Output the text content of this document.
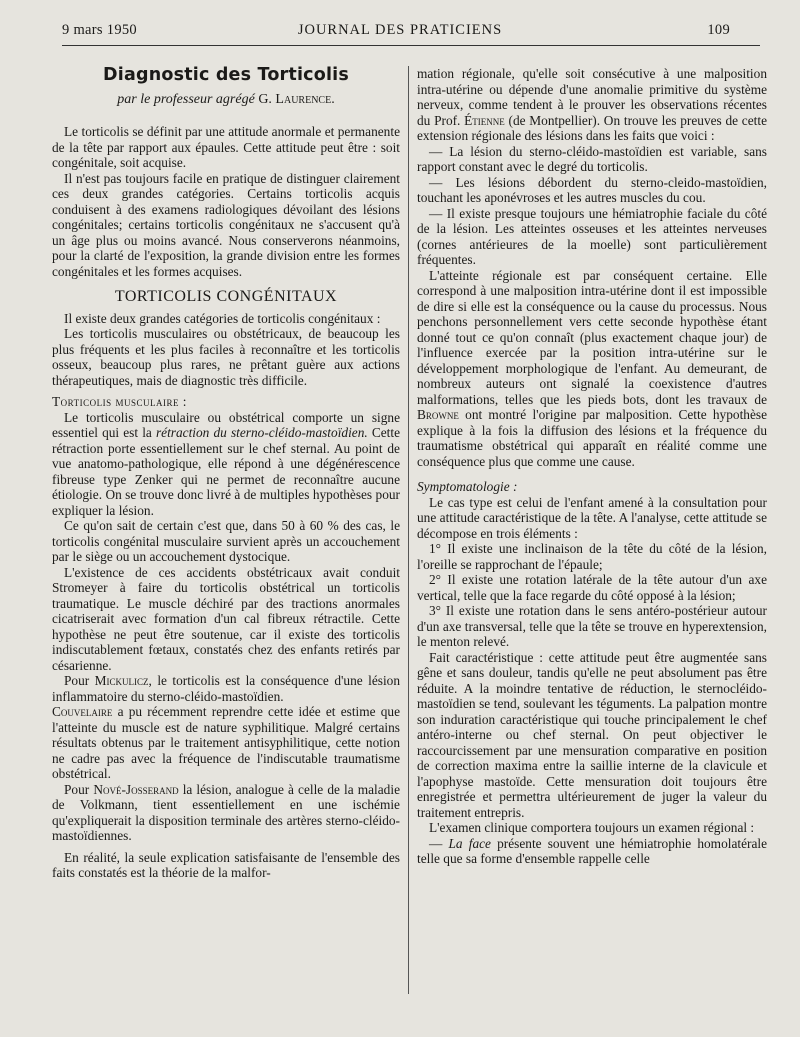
9 mars 1950	JOURNAL DES PRATICIENS	109
Diagnostic des Torticolis

par le professeur agrégé G. Laurence.

Le torticolis se définit par une attitude anormale et permanente de la tête par rapport aux épaules. Cette attitude peut être : soit congénitale, soit acquise.

Il n'est pas toujours facile en pratique de distinguer clairement ces deux grandes catégories. Certains torticolis acquis conduisent à des examens radiologiques dévoilant des lésions congénitales; certains torticolis congénitaux ne s'accusent qu'à un âge plus ou moins avancé. Nous conserverons néanmoins, pour la clarté de l'exposition, la grande division entre les formes congénitales et les formes acquises.

TORTICOLIS CONGÉNITAUX

Il existe deux grandes catégories de torticolis congénitaux :

Les torticolis musculaires ou obstétricaux, de beaucoup les plus fréquents et les plus faciles à reconnaître et les torticolis osseux, beaucoup plus rares, ne prêtant guère aux actions thérapeutiques, mais de diagnostic très difficile.

Torticolis musculaire :

Le torticolis musculaire ou obstétrical comporte un signe essentiel qui est la rétraction du sterno-cléido-mastoïdien. Cette rétraction porte essentiellement sur le chef sternal. Au point de vue anatomo-pathologique, elle répond à une dégénérescence fibreuse type Zenker qui ne permet de reconnaître aucune étiologie. On se trouve donc livré à de multiples hypothèses pour expliquer la lésion.

Ce qu'on sait de certain c'est que, dans 50 à 60 % des cas, le torticolis congénital musculaire survient après un accouchement par le siège ou un accouchement dystocique.

L'existence de ces accidents obstétricaux avait conduit Stromeyer à faire du torticolis obstétrical un torticolis traumatique. Le muscle déchiré par des tractions anormales cicatriserait avec formation d'un cal fibreux rétractile. Cette hypothèse ne peut être soutenue, car il existe des torticolis indiscutablement fœtaux, constatés chez des enfants retirés par césarienne.

Pour Mickulicz, le torticolis est la conséquence d'une lésion inflammatoire du sterno-cléido-mastoïdien.
Couvelaire a pu récemment reprendre cette idée et estime que l'atteinte du muscle est de nature syphilitique. Malgré certains résultats obtenus par le traitement antisyphilitique, cette notion ne cadre pas avec la fréquence de l'indiscutable traumatisme obstétrical.

Pour Nové-Josserand la lésion, analogue à celle de la maladie de Volkmann, tient essentiellement en une ischémie qu'expliquerait la disposition terminale des artères sterno-cléido-mastoïdiennes.

En réalité, la seule explication satisfaisante de l'ensemble des faits constatés est la théorie de la malfor-

mation régionale, qu'elle soit consécutive à une malposition intra-utérine ou dépende d'une anomalie primitive du système nerveux, comme tendent à le prouver les observations récentes du Prof. Étienne (de Montpellier). On trouve les preuves de cette extension régionale des lésions dans les faits que voici :

— La lésion du sterno-cléido-mastoïdien est variable, sans rapport constant avec le degré du torticolis.

— Les lésions débordent du sterno-cleido-mastoïdien, touchant les aponévroses et les autres muscles du cou.

— Il existe presque toujours une hémiatrophie faciale du côté de la lésion. Les atteintes osseuses et les atteintes nerveuses (cornes antérieures de la moelle) sont particulièrement fréquentes.

L'atteinte régionale est par conséquent certaine. Elle correspond à une malposition intra-utérine dont il est impossible de dire si elle est la conséquence ou la cause du processus. Nous penchons personnellement vers cette seconde hypothèse étant donné tout ce qu'on connaît (plus exactement chaque jour) de l'influence exercée par la position intra-utérine sur le développement morphologique de l'enfant. Au demeurant, de nombreux auteurs ont signalé la coexistence d'autres malformations, telles que les pieds bots, dont les travaux de Browne ont montré l'origine par malposition. Cette hypothèse explique à la fois la diffusion des lésions et la fréquence du traumatisme obstétrical qui apparaît en réalité comme une conséquence plus que comme une cause.

Symptomatologie :

Le cas type est celui de l'enfant amené à la consultation pour une attitude caractéristique de la tête. A l'analyse, cette attitude se décompose en trois éléments :

1° Il existe une inclinaison de la tête du côté de la lésion, l'oreille se rapprochant de l'épaule;

2° Il existe une rotation latérale de la tête autour d'un axe vertical, telle que la face regarde du côté opposé à la lésion;

3° Il existe une rotation dans le sens antéro-postérieur autour d'un axe transversal, telle que la tête se trouve en hyperextension, le menton relevé.

Fait caractéristique : cette attitude peut être augmentée sans gêne et sans douleur, tandis qu'elle ne peut absolument pas être réduite. A la moindre tentative de réduction, le sternocléido-mastoïdien se tend, soulevant les téguments. La palpation montre son induration caractéristique qui touche principalement le chef antéro-interne ou chef sternal. On peut objectiver le raccourcissement par une mensuration comparative en position de correction maxima entre la saillie interne de la clavicule et l'apophyse mastoïde. Cette mensuration doit toujours être enregistrée et permettra ultérieurement de juger la valeur du traitement entrepris.

L'examen clinique comportera toujours un examen régional :

— La face présente souvent une hémiatrophie homolatérale telle que sa forme d'ensemble rappelle celle
